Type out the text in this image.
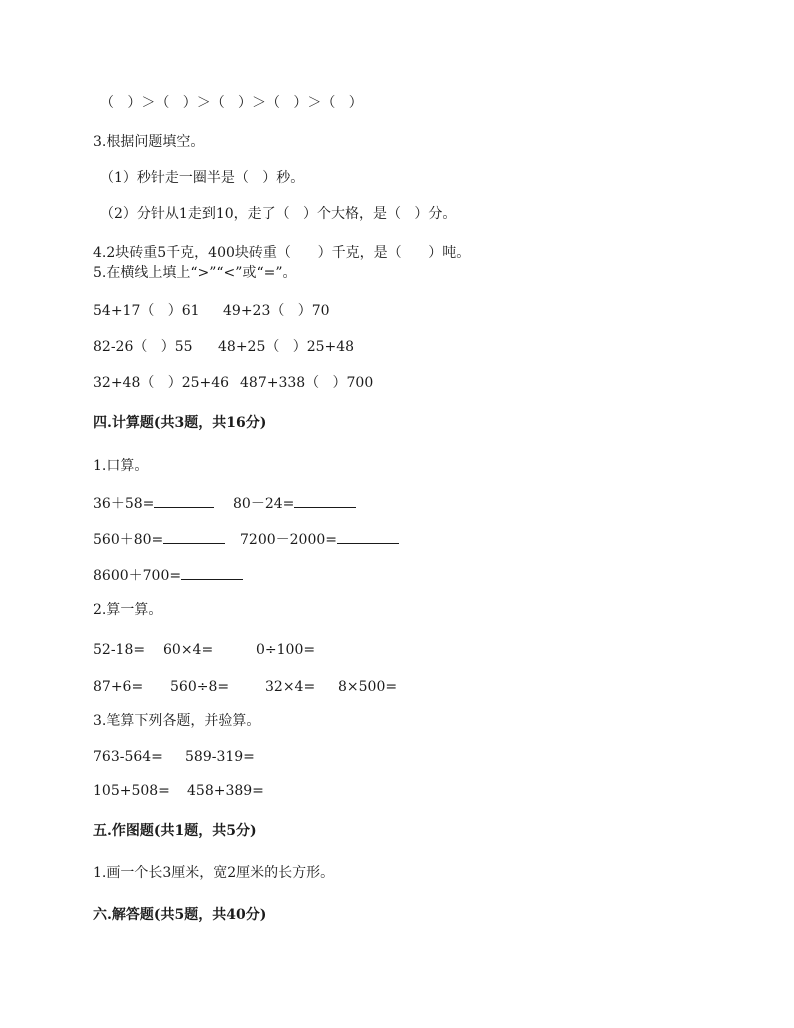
（   ）＞（   ）＞（   ）＞（   ）＞（   ）
3.根据问题填空。
（1）秒针走一圈半是（   ）秒。
（2）分针从1走到10，走了（   ）个大格，是（   ）分。
4.2块砖重5千克，400块砖重（      ）千克，是（      ）吨。
5.在横线上填上“>”“<”或“=”。
54+17（   ）61 49+23（   ）70
82-26（   ）55 48+25（   ）25+48
32+48（   ）25+46 487+338（   ）700
四.计算题(共3题，共16分)
1.口算。
36＋58=	80－24=
560＋80=	7200－2000=
8600＋700=
2.算一算。
52-18= 60×4=	0÷100=
87+6= 560÷8=	32×4= 8×500=
3.笔算下列各题，并验算。
763-564= 589-319=
105+508= 458+389=
五.作图题(共1题，共5分)
1.画一个长3厘米，宽2厘米的长方形。
六.解答题(共5题，共40分)
